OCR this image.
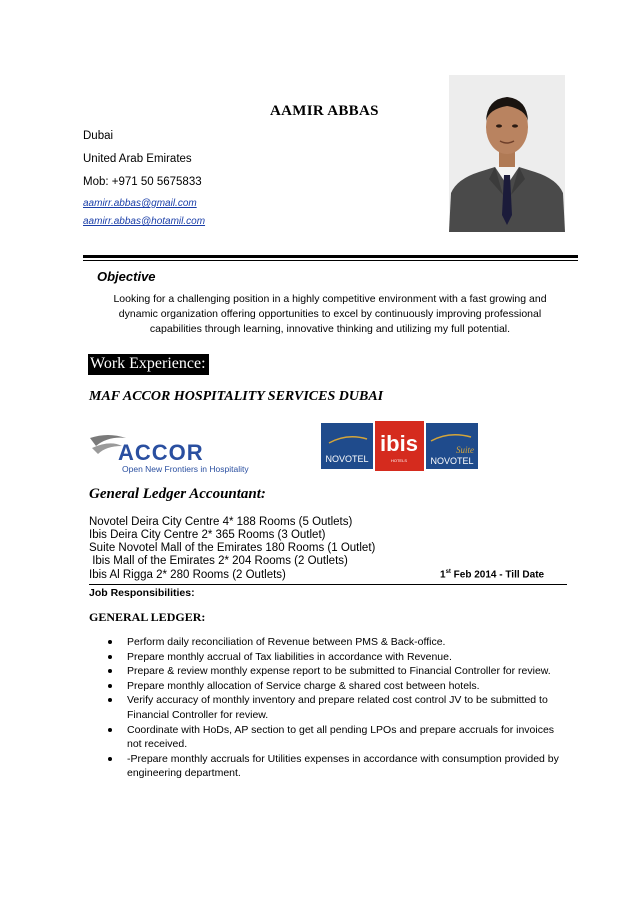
AAMIR ABBAS
Dubai
United Arab Emirates
Mob: +971 50 5675833
aamirr.abbas@gmail.com
aamirr.abbas@hotamil.com
Objective
Looking for a challenging position in a highly competitive environment with a fast growing and dynamic organization offering opportunities to excel by continuously improving professional capabilities through learning, innovative thinking and utilizing my full potential.
Work Experience:
MAF ACCOR HOSPITALITY SERVICES DUBAI
ACCOR
Open New Frontiers in Hospitality
NOVOTEL
ibis
HOTELS
Suite
NOVOTEL
General Ledger Accountant:
Novotel Deira City Centre 4* 188 Rooms (5 Outlets)
Ibis Deira City Centre 2* 365 Rooms (3 Outlet)
Suite Novotel Mall of the Emirates 180 Rooms (1 Outlet)
Ibis Mall of the Emirates 2* 204 Rooms (2 Outlets)
Ibis Al Rigga 2* 280 Rooms (2 Outlets)	1st Feb 2014 - Till Date
Job Responsibilities:
GENERAL LEDGER:
Perform daily reconciliation of Revenue between PMS & Back-office.
Prepare monthly accrual of Tax liabilities in accordance with Revenue.
Prepare & review monthly expense report to be submitted to Financial Controller for review.
Prepare monthly allocation of Service charge & shared cost between hotels.
Verify accuracy of monthly inventory and prepare related cost control JV to be submitted to Financial Controller for review.
Coordinate with HoDs, AP section to get all pending LPOs and prepare accruals for invoices not received.
-Prepare monthly accruals for Utilities expenses in accordance with consumption provided by engineering department.
